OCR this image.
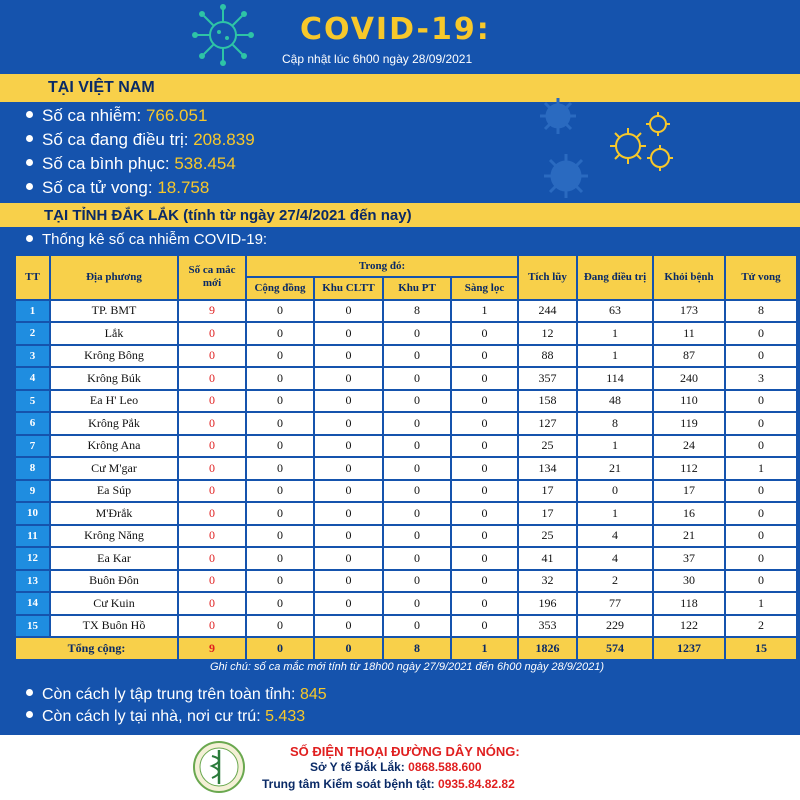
COVID-19:
Cập nhật lúc 6h00 ngày 28/09/2021
TẠI VIỆT NAM
Số ca nhiễm: 766.051
Số ca đang điều trị: 208.839
Số ca bình phục: 538.454
Số ca tử vong: 18.758
TẠI TỈNH ĐẮK LẮK (tính từ ngày 27/4/2021 đến nay)
Thống kê số ca nhiễm COVID-19:
TT	Địa phương	Số ca mắc mới	Trong đó:				Tích lũy	Đang điều trị	Khỏi bệnh	Tử vong
			Cộng đồng	Khu CLTT	Khu PT	Sàng lọc				
1	TP. BMT	9	0	0	8	1	244	63	173	8
2	Lắk	0	0	0	0	0	12	1	11	0
3	Krông Bông	0	0	0	0	0	88	1	87	0
4	Krông Búk	0	0	0	0	0	357	114	240	3
5	Ea H' Leo	0	0	0	0	0	158	48	110	0
6	Krông Pắk	0	0	0	0	0	127	8	119	0
7	Krông Ana	0	0	0	0	0	25	1	24	0
8	Cư M'gar	0	0	0	0	0	134	21	112	1
9	Ea Súp	0	0	0	0	0	17	0	17	0
10	M'Đrắk	0	0	0	0	0	17	1	16	0
11	Krông Năng	0	0	0	0	0	25	4	21	0
12	Ea Kar	0	0	0	0	0	41	4	37	0
13	Buôn Đôn	0	0	0	0	0	32	2	30	0
14	Cư Kuin	0	0	0	0	0	196	77	118	1
15	TX Buôn Hồ	0	0	0	0	0	353	229	122	2
Tổng cộng:		9	0	0	8	1	1826	574	1237	15
Ghi chú: số ca mắc mới tính từ 18h00 ngày 27/9/2021 đến 6h00 ngày 28/9/2021)
Còn cách ly tập trung trên toàn tỉnh: 845
Còn cách ly tại nhà, nơi cư trú: 5.433
SỐ ĐIỆN THOẠI ĐƯỜNG DÂY NÓNG:
Sở Y tế Đắk Lắk: 0868.588.600
Trung tâm Kiểm soát bệnh tật: 0935.84.82.82
